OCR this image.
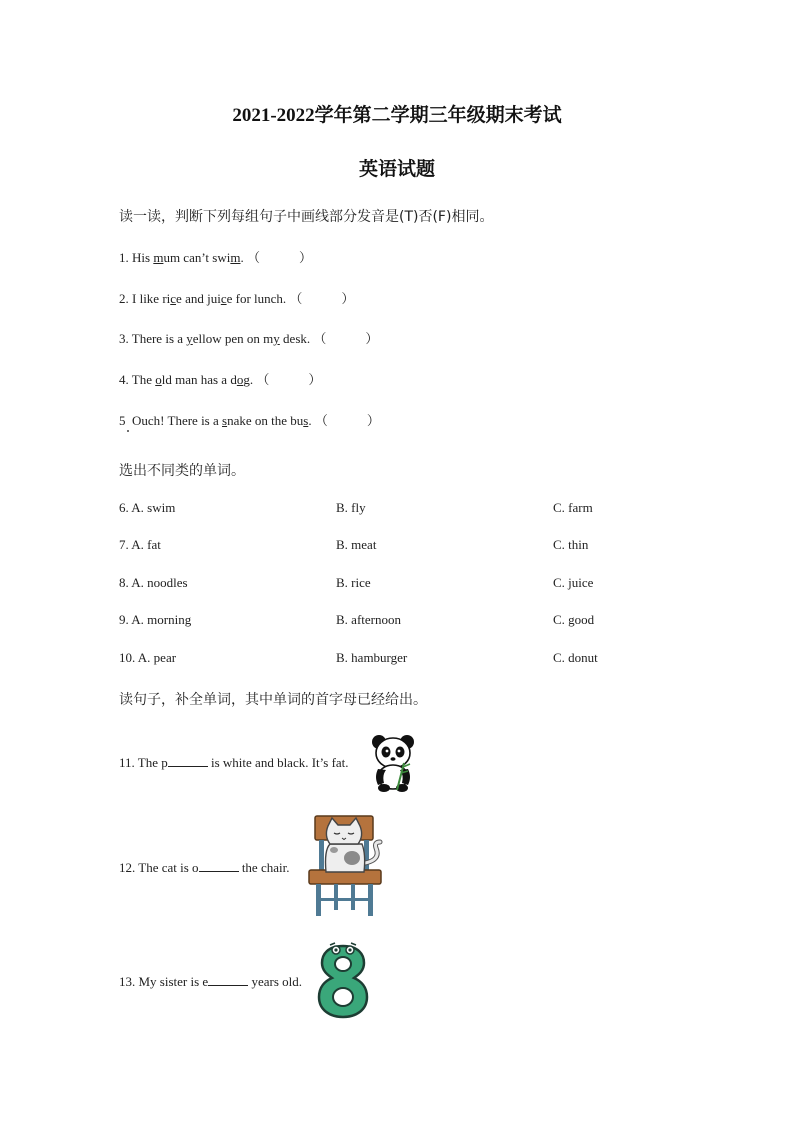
2021-2022学年第二学期三年级期末考试
英语试题
读一读，判断下列每组句子中画线部分发音是(T)否(F)相同。
1. His mum can’t swim. （　　　）
2. I like rice and juice for lunch. （　　　）
3. There is a yellow pen on my desk. （　　　）
4. The old man has a dog. （　　　）
5 Ouch! There is a snake on the bus. （　　　）
选出不同类的单词。
6. A. swim	B. fly	C. farm
7. A. fat	B. meat	C. thin
8. A. noodles	B. rice	C. juice
9. A. morning	B. afternoon	C. good
10. A. pear	B. hamburger	C. donut
读句子，补全单词，其中单词的首字母已经给出。
11. The p	is white and black. It’s fat.
12. The cat is o	the chair.
13. My sister is e	years old.
